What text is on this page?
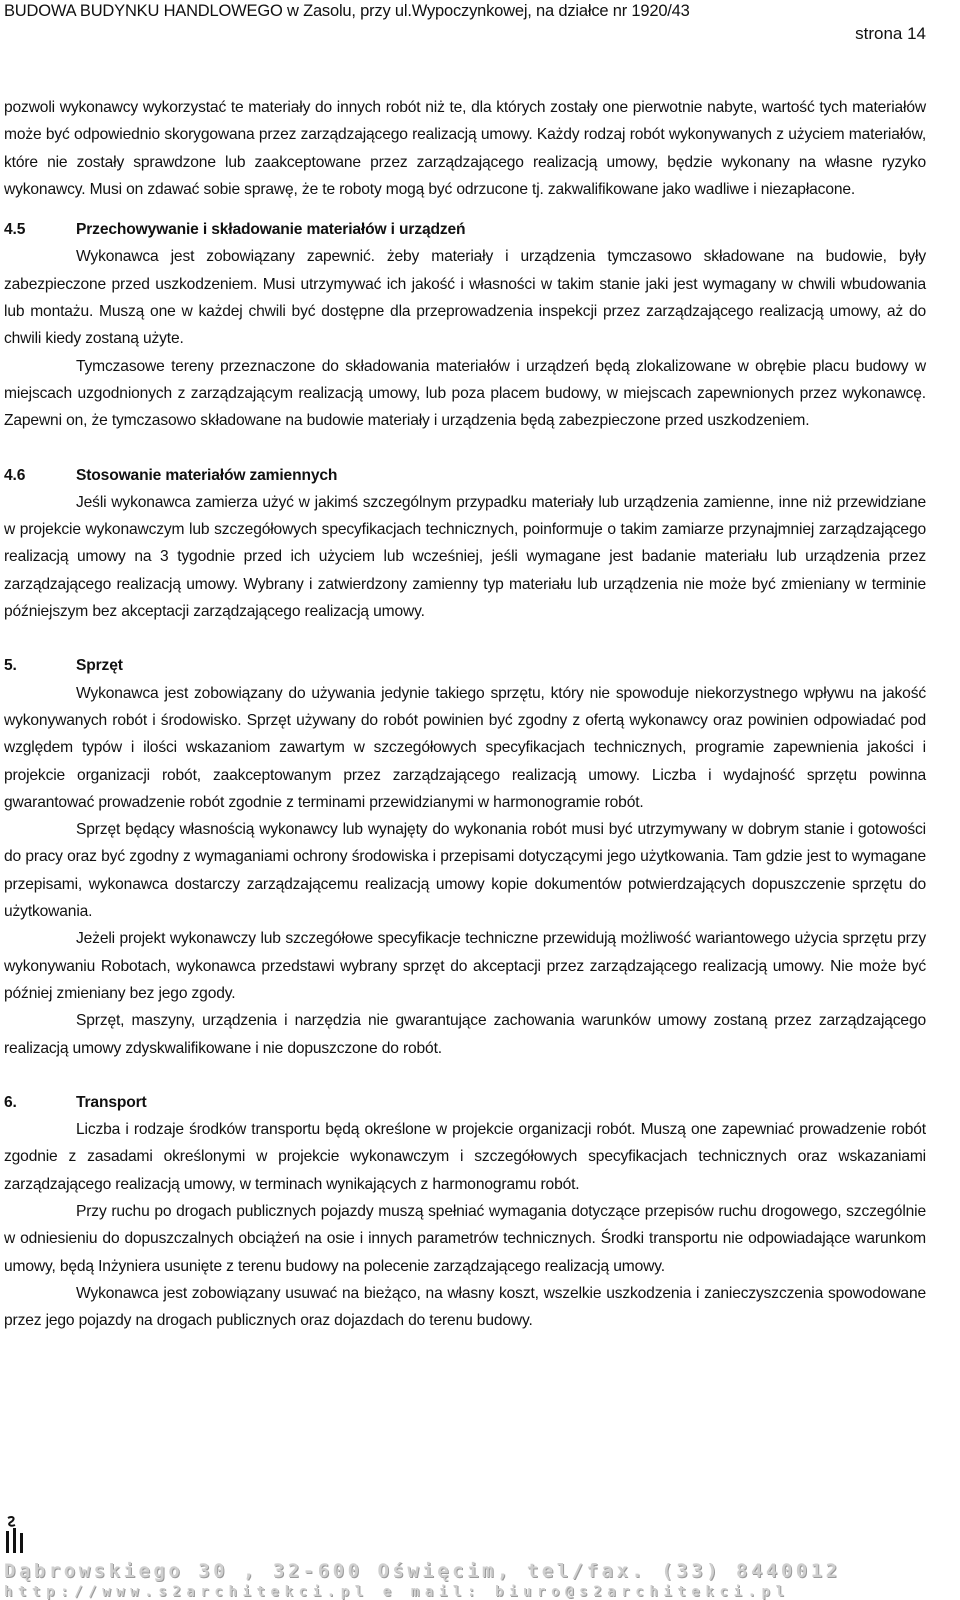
BUDOWA BUDYNKU HANDLOWEGO w Zasolu, przy ul.Wypoczynkowej, na działce nr 1920/43
strona 14

pozwoli wykonawcy wykorzystać te materiały do innych robót niż te, dla których zostały one pierwotnie nabyte, wartość tych materiałów może być odpowiednio skorygowana przez zarządzającego realizacją umowy. Każdy rodzaj robót wykonywanych z użyciem materiałów, które nie zostały sprawdzone lub zaakceptowane przez zarządzającego realizacją umowy, będzie wykonany na własne ryzyko wykonawcy. Musi on zdawać sobie sprawę, że te roboty mogą być odrzucone tj. zakwalifikowane jako wadliwe i niezapłacone.

4.5	Przechowywanie i składowanie materiałów i urządzeń

Wykonawca jest zobowiązany zapewnić. żeby materiały i urządzenia tymczasowo składowane na budowie, były zabezpieczone przed uszkodzeniem. Musi utrzymywać ich jakość i własności w takim stanie jaki jest wymagany w chwili wbudowania lub montażu. Muszą one w każdej chwili być dostępne dla przeprowadzenia inspekcji przez zarządzającego realizacją umowy, aż do chwili kiedy zostaną użyte.

Tymczasowe tereny przeznaczone do składowania materiałów i urządzeń będą zlokalizowane w obrębie placu budowy w miejscach uzgodnionych z zarządzającym realizacją umowy, lub poza placem budowy, w miejscach zapewnionych przez wykonawcę. Zapewni on, że tymczasowo składowane na budowie materiały i urządzenia będą zabezpieczone przed uszkodzeniem.

4.6	Stosowanie materiałów zamiennych

Jeśli wykonawca zamierza użyć w jakimś szczególnym przypadku materiały lub urządzenia zamienne, inne niż przewidziane w projekcie wykonawczym lub szczegółowych specyfikacjach technicznych, poinformuje o takim zamiarze przynajmniej zarządzającego realizacją umowy na 3 tygodnie przed ich użyciem lub wcześniej, jeśli wymagane jest badanie materiału lub urządzenia przez zarządzającego realizacją umowy. Wybrany i zatwierdzony zamienny typ materiału lub urządzenia nie może być zmieniany w terminie późniejszym bez akceptacji zarządzającego realizacją umowy.

5.	Sprzęt

Wykonawca jest zobowiązany do używania jedynie takiego sprzętu, który nie spowoduje niekorzystnego wpływu na jakość wykonywanych robót i środowisko. Sprzęt używany do robót powinien być zgodny z ofertą wykonawcy oraz powinien odpowiadać pod względem typów i ilości wskazaniom zawartym w szczegółowych specyfikacjach technicznych, programie zapewnienia jakości i projekcie organizacji robót, zaakceptowanym przez zarządzającego realizacją umowy. Liczba i wydajność sprzętu powinna gwarantować prowadzenie robót zgodnie z terminami przewidzianymi w harmonogramie robót.

Sprzęt będący własnością wykonawcy lub wynajęty do wykonania robót musi być utrzymywany w dobrym stanie i gotowości do pracy oraz być zgodny z wymaganiami ochrony środowiska i przepisami dotyczącymi jego użytkowania. Tam gdzie jest to wymagane przepisami, wykonawca dostarczy zarządzającemu realizacją umowy kopie dokumentów potwierdzających dopuszczenie sprzętu do użytkowania.

Jeżeli projekt wykonawczy lub szczegółowe specyfikacje techniczne przewidują możliwość wariantowego użycia sprzętu przy wykonywaniu Robotach, wykonawca przedstawi wybrany sprzęt do akceptacji przez zarządzającego realizacją umowy. Nie może być później zmieniany bez jego zgody.

Sprzęt, maszyny, urządzenia i narzędzia nie gwarantujące zachowania warunków umowy zostaną przez zarządzającego realizacją umowy zdyskwalifikowane i nie dopuszczone do robót.

6.	Transport

Liczba i rodzaje środków transportu będą określone w projekcie organizacji robót. Muszą one zapewniać prowadzenie robót zgodnie z zasadami określonymi w projekcie wykonawczym i szczegółowych specyfikacjach technicznych oraz wskazaniami zarządzającego realizacją umowy, w terminach wynikających z harmonogramu robót.

Przy ruchu po drogach publicznych pojazdy muszą spełniać wymagania dotyczące przepisów ruchu drogowego, szczególnie w odniesieniu do dopuszczalnych obciążeń na osie i innych parametrów technicznych. Środki transportu nie odpowiadające warunkom umowy, będą Inżyniera usunięte z terenu budowy na polecenie zarządzającego realizacją umowy.

Wykonawca jest zobowiązany usuwać na bieżąco, na własny koszt, wszelkie uszkodzenia i zanieczyszczenia spowodowane przez jego pojazdy na drogach publicznych oraz dojazdach do terenu budowy.

Dąbrowskiego 30 , 32-600 Oświęcim, tel/fax. (33) 8440012
http://www.s2architekci.pl e mail: biuro@s2architekci.pl
